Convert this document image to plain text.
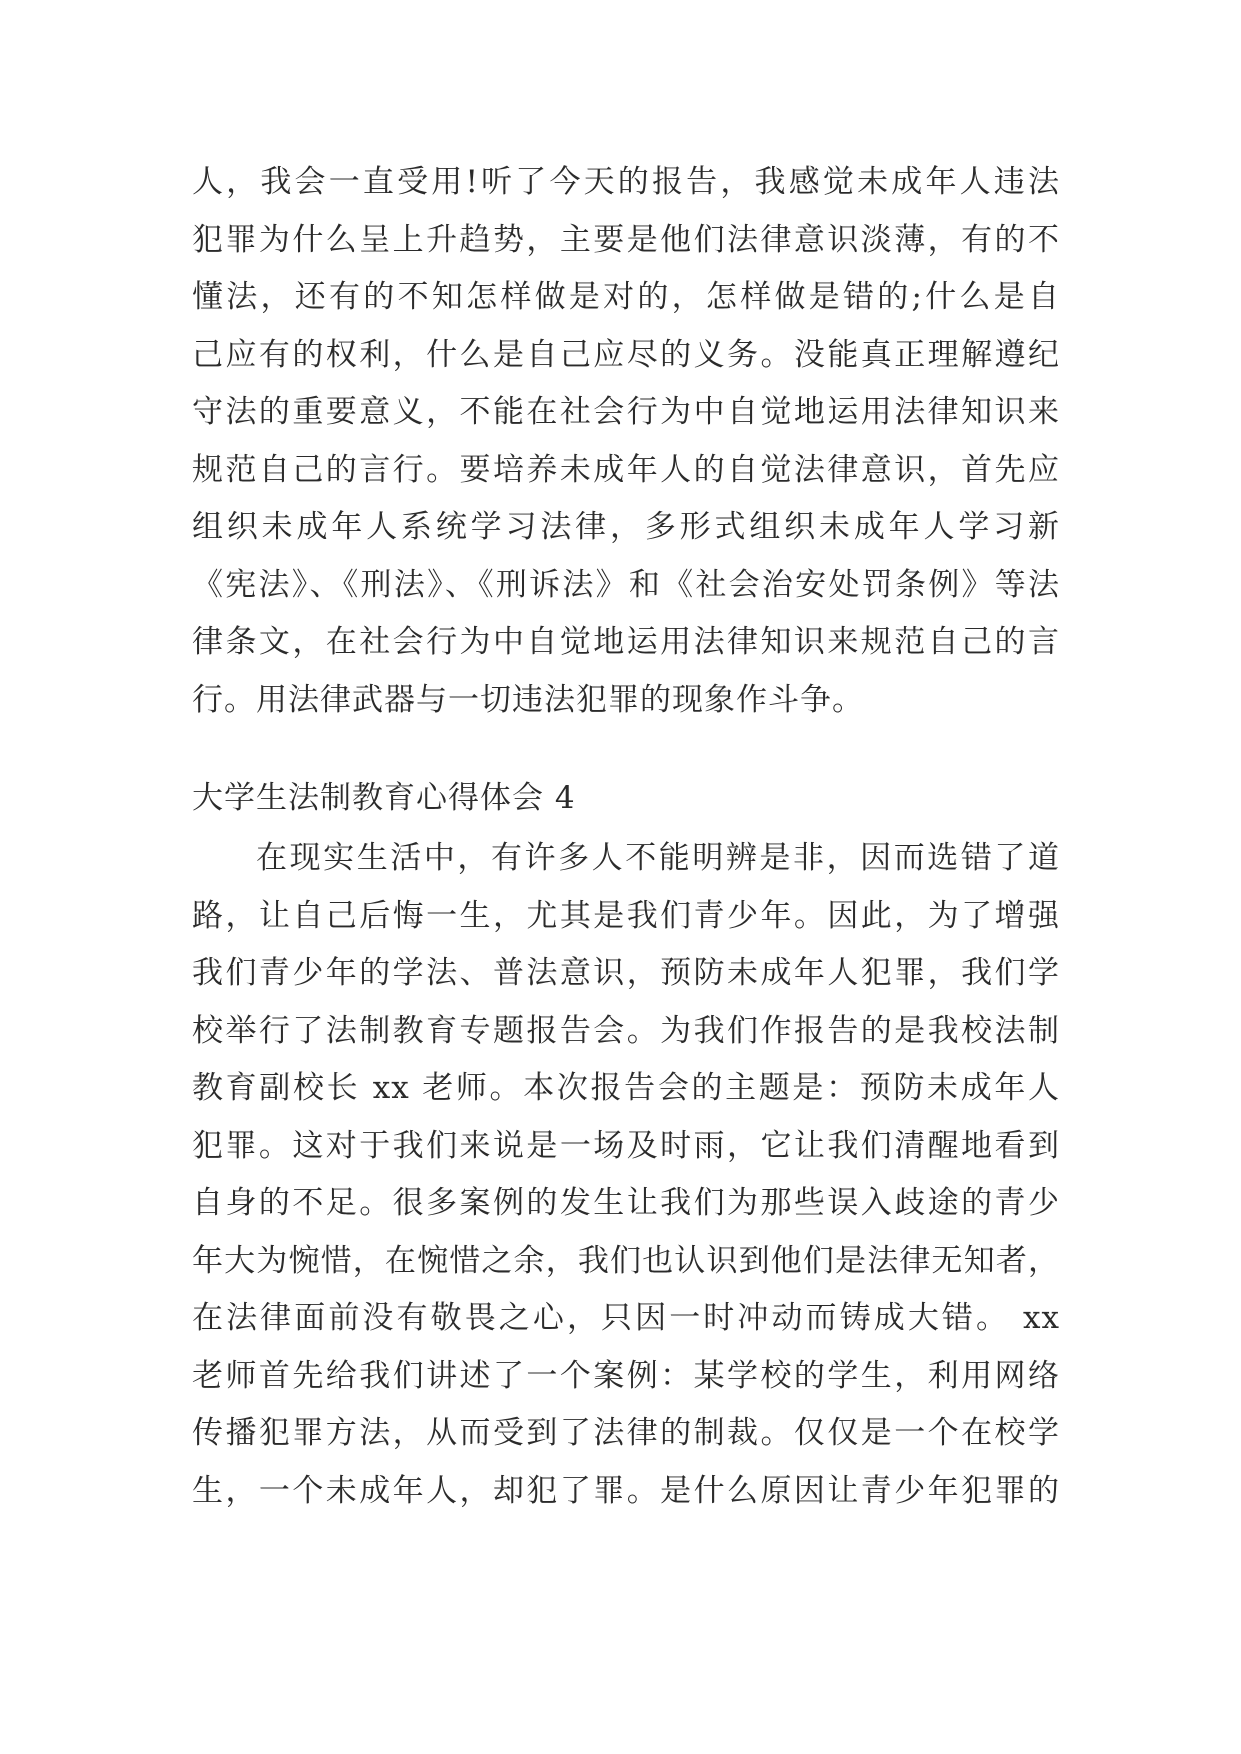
人，我会一直受用!听了今天的报告，我感觉未成年人违法
犯罪为什么呈上升趋势，主要是他们法律意识淡薄，有的不
懂法，还有的不知怎样做是对的，怎样做是错的;什么是自
己应有的权利，什么是自己应尽的义务。没能真正理解遵纪
守法的重要意义，不能在社会行为中自觉地运用法律知识来
规范自己的言行。要培养未成年人的自觉法律意识，首先应
组织未成年人系统学习法律，多形式组织未成年人学习新
《宪法》、《刑法》、《刑诉法》和《社会治安处罚条例》等法
律条文，在社会行为中自觉地运用法律知识来规范自己的言
行。用法律武器与一切违法犯罪的现象作斗争。
大学生法制教育心得体会 4
在现实生活中，有许多人不能明辨是非，因而选错了道
路，让自己后悔一生，尤其是我们青少年。因此，为了增强
我们青少年的学法、普法意识，预防未成年人犯罪，我们学
校举行了法制教育专题报告会。为我们作报告的是我校法制
教育副校长 xx 老师。本次报告会的主题是：预防未成年人
犯罪。这对于我们来说是一场及时雨，它让我们清醒地看到
自身的不足。很多案例的发生让我们为那些误入歧途的青少
年大为惋惜，在惋惜之余，我们也认识到他们是法律无知者，
在法律面前没有敬畏之心，只因一时冲动而铸成大错。 xx
老师首先给我们讲述了一个案例：某学校的学生，利用网络
传播犯罪方法，从而受到了法律的制裁。仅仅是一个在校学
生，一个未成年人，却犯了罪。是什么原因让青少年犯罪的
